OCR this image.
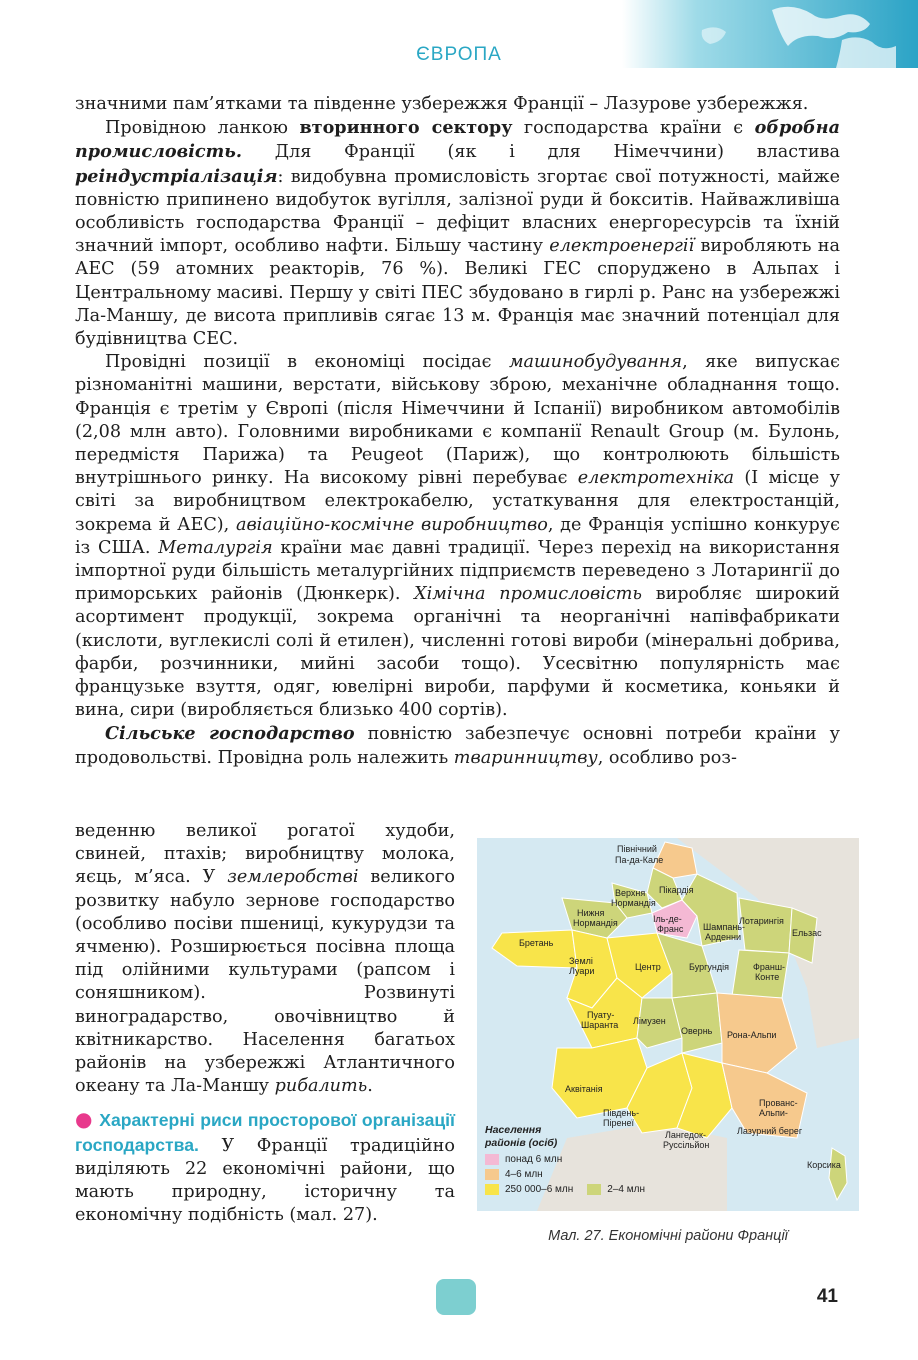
ЄВРОПА

значними пам’ятками та південне узбережжя Франції – Лазурове узбережжя.

Провідною ланкою вторинного сектору господарства країни є обробна промисловість. Для Франції (як і для Німеччини) властива реіндустріалізація: видобувна промисловість згортає свої потужності, майже повністю припинено видобуток вугілля, залізної руди й бокситів. Найважливіша особливість господарства Франції – дефіцит власних енергоресурсів та їхній значний імпорт, особливо нафти. Більшу частину електроенергії виробляють на АЕС (59 атомних реакторів, 76 %). Великі ГЕС споруджено в Альпах і Центральному масиві. Першу у світі ПЕС збудовано в гирлі р. Ранс на узбережжі Ла-Маншу, де висота припливів сягає 13 м. Франція має значний потенціал для будівництва СЕС.

Провідні позиції в економіці посідає машинобудування, яке випускає різноманітні машини, верстати, військову зброю, механічне обладнання тощо. Франція є третім у Європі (після Німеччини й Іспанії) виробником автомобілів (2,08 млн авто). Головними виробниками є компанії Renault Group (м. Булонь, передмістя Парижа) та Peugeot (Париж), що контролюють більшість внутрішнього ринку. На високому рівні перебуває електротехніка (I місце у світі за виробництвом електрокабелю, устаткування для електростанцій, зокрема й АЕС), авіаційно-космічне виробництво, де Франція успішно конкурує із США. Металургія країни має давні традиції. Через перехід на використання імпортної руди більшість металургійних підприємств переведено з Лотарингії до приморських районів (Дюнкерк). Хімічна промисловість виробляє широкий асортимент продукції, зокрема органічні та неорганічні напівфабрикати (кислоти, вуглекислі солі й етилен), численні готові вироби (мінеральні добрива, фарби, розчинники, мийні засоби тощо). Усесвітню популярність має французьке взуття, одяг, ювелірні вироби, парфуми й косметика, коньяки й вина, сири (виробляється близько 400 сортів).

Сільське господарство повністю забезпечує основні потреби країни у продовольстві. Провідна роль належить тваринництву, особливо роз-

веденню великої рогатої худоби, свиней, птахів; виробництву молока, яєць, м’яса. У землеробстві великого розвитку набуло зернове господарство (особливо посіви пшениці, кукурудзи та ячменю). Розширюється посівна площа під олійними культурами (рапсом і соняшником). Розвинуті виноградарство, овочівництво й квітникарство. Населення багатьох районів на узбережжі Атлантичного океану та Ла-Маншу рибалить.

● Характерні риси просторової організації господарства. У Франції традиційно виділяють 22 економічні райони, що мають природну, історичну та економічну подібність (мал. 27).

Північний
Па-да-Кале
Пікардія
Верхня
Нормандія
Нижня
Нормандія	Іль-де-
Франс Шампань-
Арденни
Лотарингія
Ельзас
Бретань
Землі
Луари	Центр	Бургундія	Франш-
Конте
Пуату-
Шаранта Лімузен
Овернь Рона-Альпи
Аквітанія
Південь-
Піренеї
Лангедок-
Руссільйон
Прованс-
Альпи-
Лазурний берег
Корсика
Населення
районів (осіб)
понад 6 млн
4–6 млн
250 000–6 млн	2–4 млн
Мал. 27. Економічні райони Франції
41
